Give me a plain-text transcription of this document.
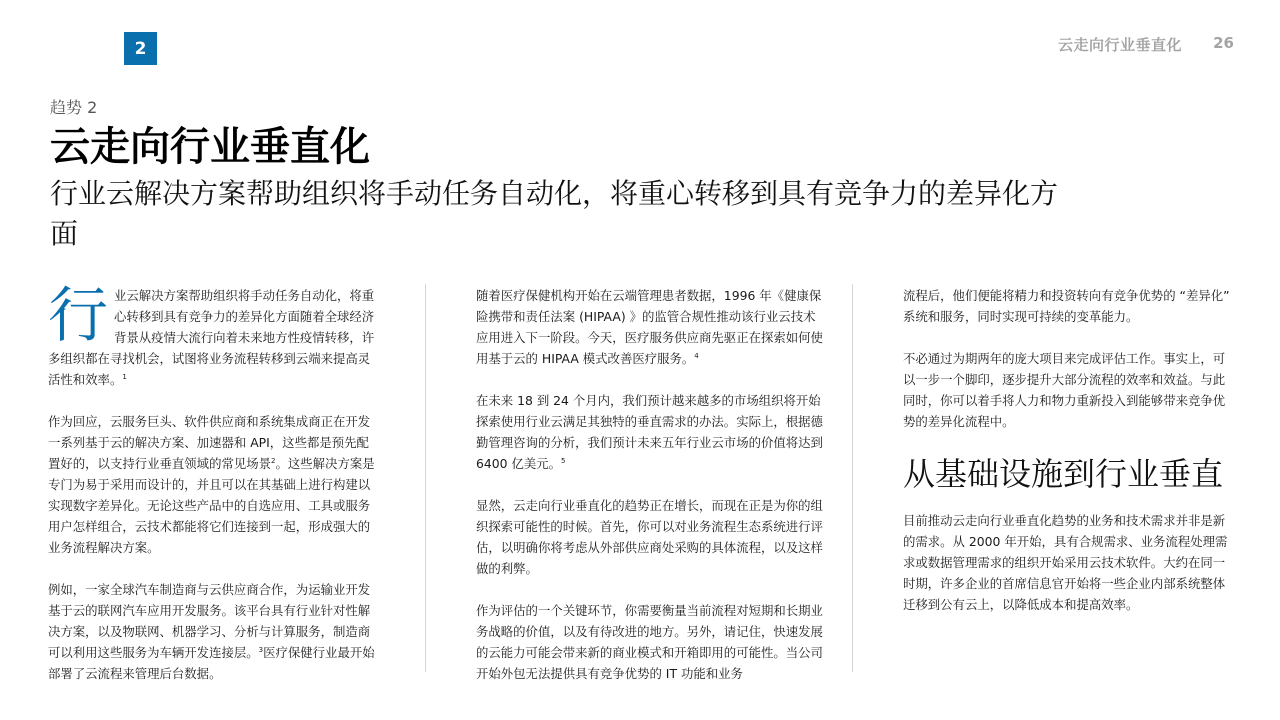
2	云走向行业垂直化 26
趋势 2
云走向行业垂直化
行业云解决方案帮助组织将手动任务自动化，将重心转移到具有竞争力的差异化方面

行业云解决方案帮助组织将手动任务自动化，将重心转移到具有竞争力的差异化方面随着全球经济背景从疫情大流行向着未来地方性疫情转移，许多组织都在寻找机会，试图将业务流程转移到云端来提高灵活性和效率。$^1$

作为回应，云服务巨头、软件供应商和系统集成商正在开发一系列基于云的解决方案、加速器和 API，这些都是预先配置好的，以支持行业垂直领域的常见场景$^2$。这些解决方案是专门为易于采用而设计的，并且可以在其基础上进行构建以实现数字差异化。无论这些产品中的自选应用、工具或服务用户怎样组合，云技术都能将它们连接到一起，形成强大的业务流程解决方案。

例如，一家全球汽车制造商与云供应商合作，为运输业开发基于云的联网汽车应用开发服务。该平台具有行业针对性解决方案，以及物联网、机器学习、分析与计算服务，制造商可以利用这些服务为车辆开发连接层。$^3$医疗保健行业最开始部署了云流程来管理后台数据。

随着医疗保健机构开始在云端管理患者数据，1996 年《健康保险携带和责任法案 (HIPAA) 》的监管合规性推动该行业云技术应用进入下一阶段。今天，医疗服务供应商先驱正在探索如何使用基于云的 HIPAA 模式改善医疗服务。$^4$

在未来 18 到 24 个月内，我们预计越来越多的市场组织将开始探索使用行业云满足其独特的垂直需求的办法。实际上，根据德勤管理咨询的分析，我们预计未来五年行业云市场的价值将达到 6400 亿美元。$^5$

显然，云走向行业垂直化的趋势正在增长，而现在正是为你的组织探索可能性的时候。首先，你可以对业务流程生态系统进行评估，以明确你将考虑从外部供应商处采购的具体流程，以及这样做的利弊。

作为评估的一个关键环节，你需要衡量当前流程对短期和长期业务战略的价值，以及有待改进的地方。另外，请记住，快速发展的云能力可能会带来新的商业模式和开箱即用的可能性。当公司开始外包无法提供具有竞争优势的 IT 功能和业务

流程后，他们便能将精力和投资转向有竞争优势的 “差异化” 系统和服务，同时实现可持续的变革能力。

不必通过为期两年的庞大项目来完成评估工作。事实上，可以一步一个脚印，逐步提升大部分流程的效率和效益。与此同时，你可以着手将人力和物力重新投入到能够带来竞争优势的差异化流程中。

从基础设施到行业垂直

目前推动云走向行业垂直化趋势的业务和技术需求并非是新的需求。从 2000 年开始，具有合规需求、业务流程处理需求或数据管理需求的组织开始采用云技术软件。大约在同一时期，许多企业的首席信息官开始将一些企业内部系统整体迁移到公有云上，以降低成本和提高效率。
